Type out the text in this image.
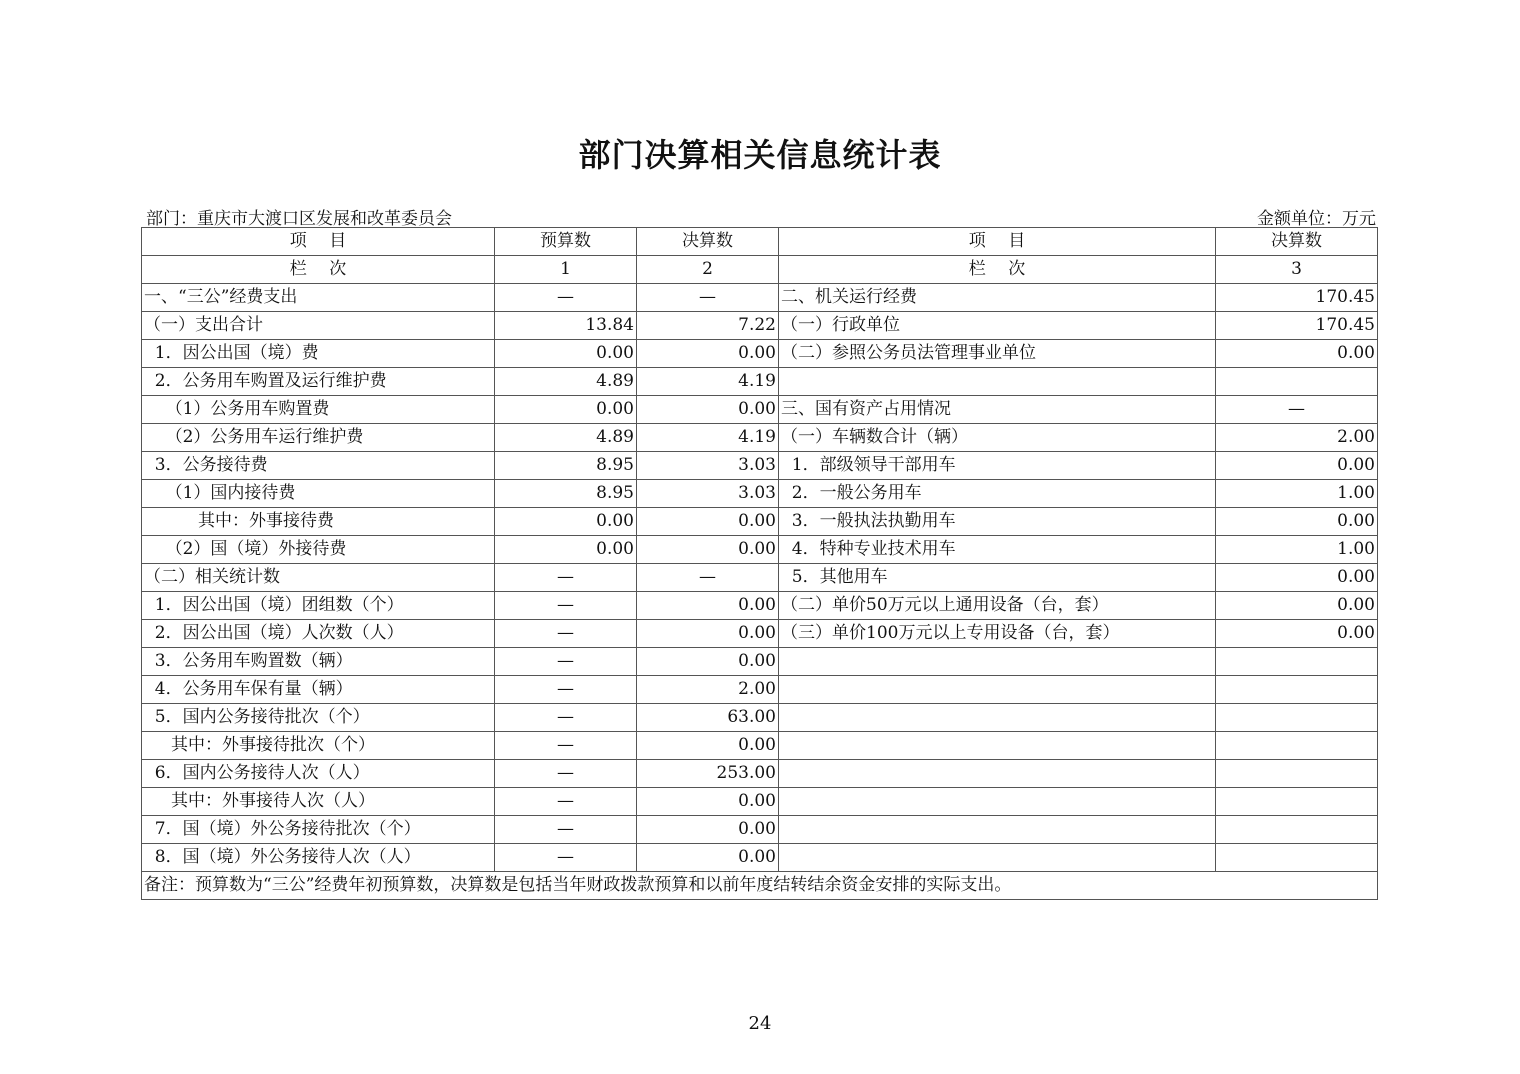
部门决算相关信息统计表
部门：重庆市大渡口区发展和改革委员会	金额单位：万元
项　 目	预算数	决算数	项　 目	决算数
栏　 次	1	2	栏　 次	3
一、“三公”经费支出	—	—	二、机关运行经费	170.45
（一）支出合计	13.84	7.22	（一）行政单位	170.45
1．因公出国（境）费	0.00	0.00	（二）参照公务员法管理事业单位	0.00
2．公务用车购置及运行维护费	4.89	4.19		
（1）公务用车购置费	0.00	0.00	三、国有资产占用情况	—
（2）公务用车运行维护费	4.89	4.19	（一）车辆数合计（辆）	2.00
3．公务接待费	8.95	3.03	1．部级领导干部用车	0.00
（1）国内接待费	8.95	3.03	2．一般公务用车	1.00
其中：外事接待费	0.00	0.00	3．一般执法执勤用车	0.00
（2）国（境）外接待费	0.00	0.00	4．特种专业技术用车	1.00
（二）相关统计数	—	—	5．其他用车	0.00
1．因公出国（境）团组数（个）	—	0.00	（二）单价50万元以上通用设备（台，套）	0.00
2．因公出国（境）人次数（人）	—	0.00	（三）单价100万元以上专用设备（台，套）	0.00
3．公务用车购置数（辆）	—	0.00		
4．公务用车保有量（辆）	—	2.00		
5．国内公务接待批次（个）	—	63.00		
其中：外事接待批次（个）	—	0.00		
6．国内公务接待人次（人）	—	253.00		
其中：外事接待人次（人）	—	0.00		
7．国（境）外公务接待批次（个）	—	0.00		
8．国（境）外公务接待人次（人）	—	0.00		
备注：预算数为“三公”经费年初预算数，决算数是包括当年财政拨款预算和以前年度结转结余资金安排的实际支出。				
24
